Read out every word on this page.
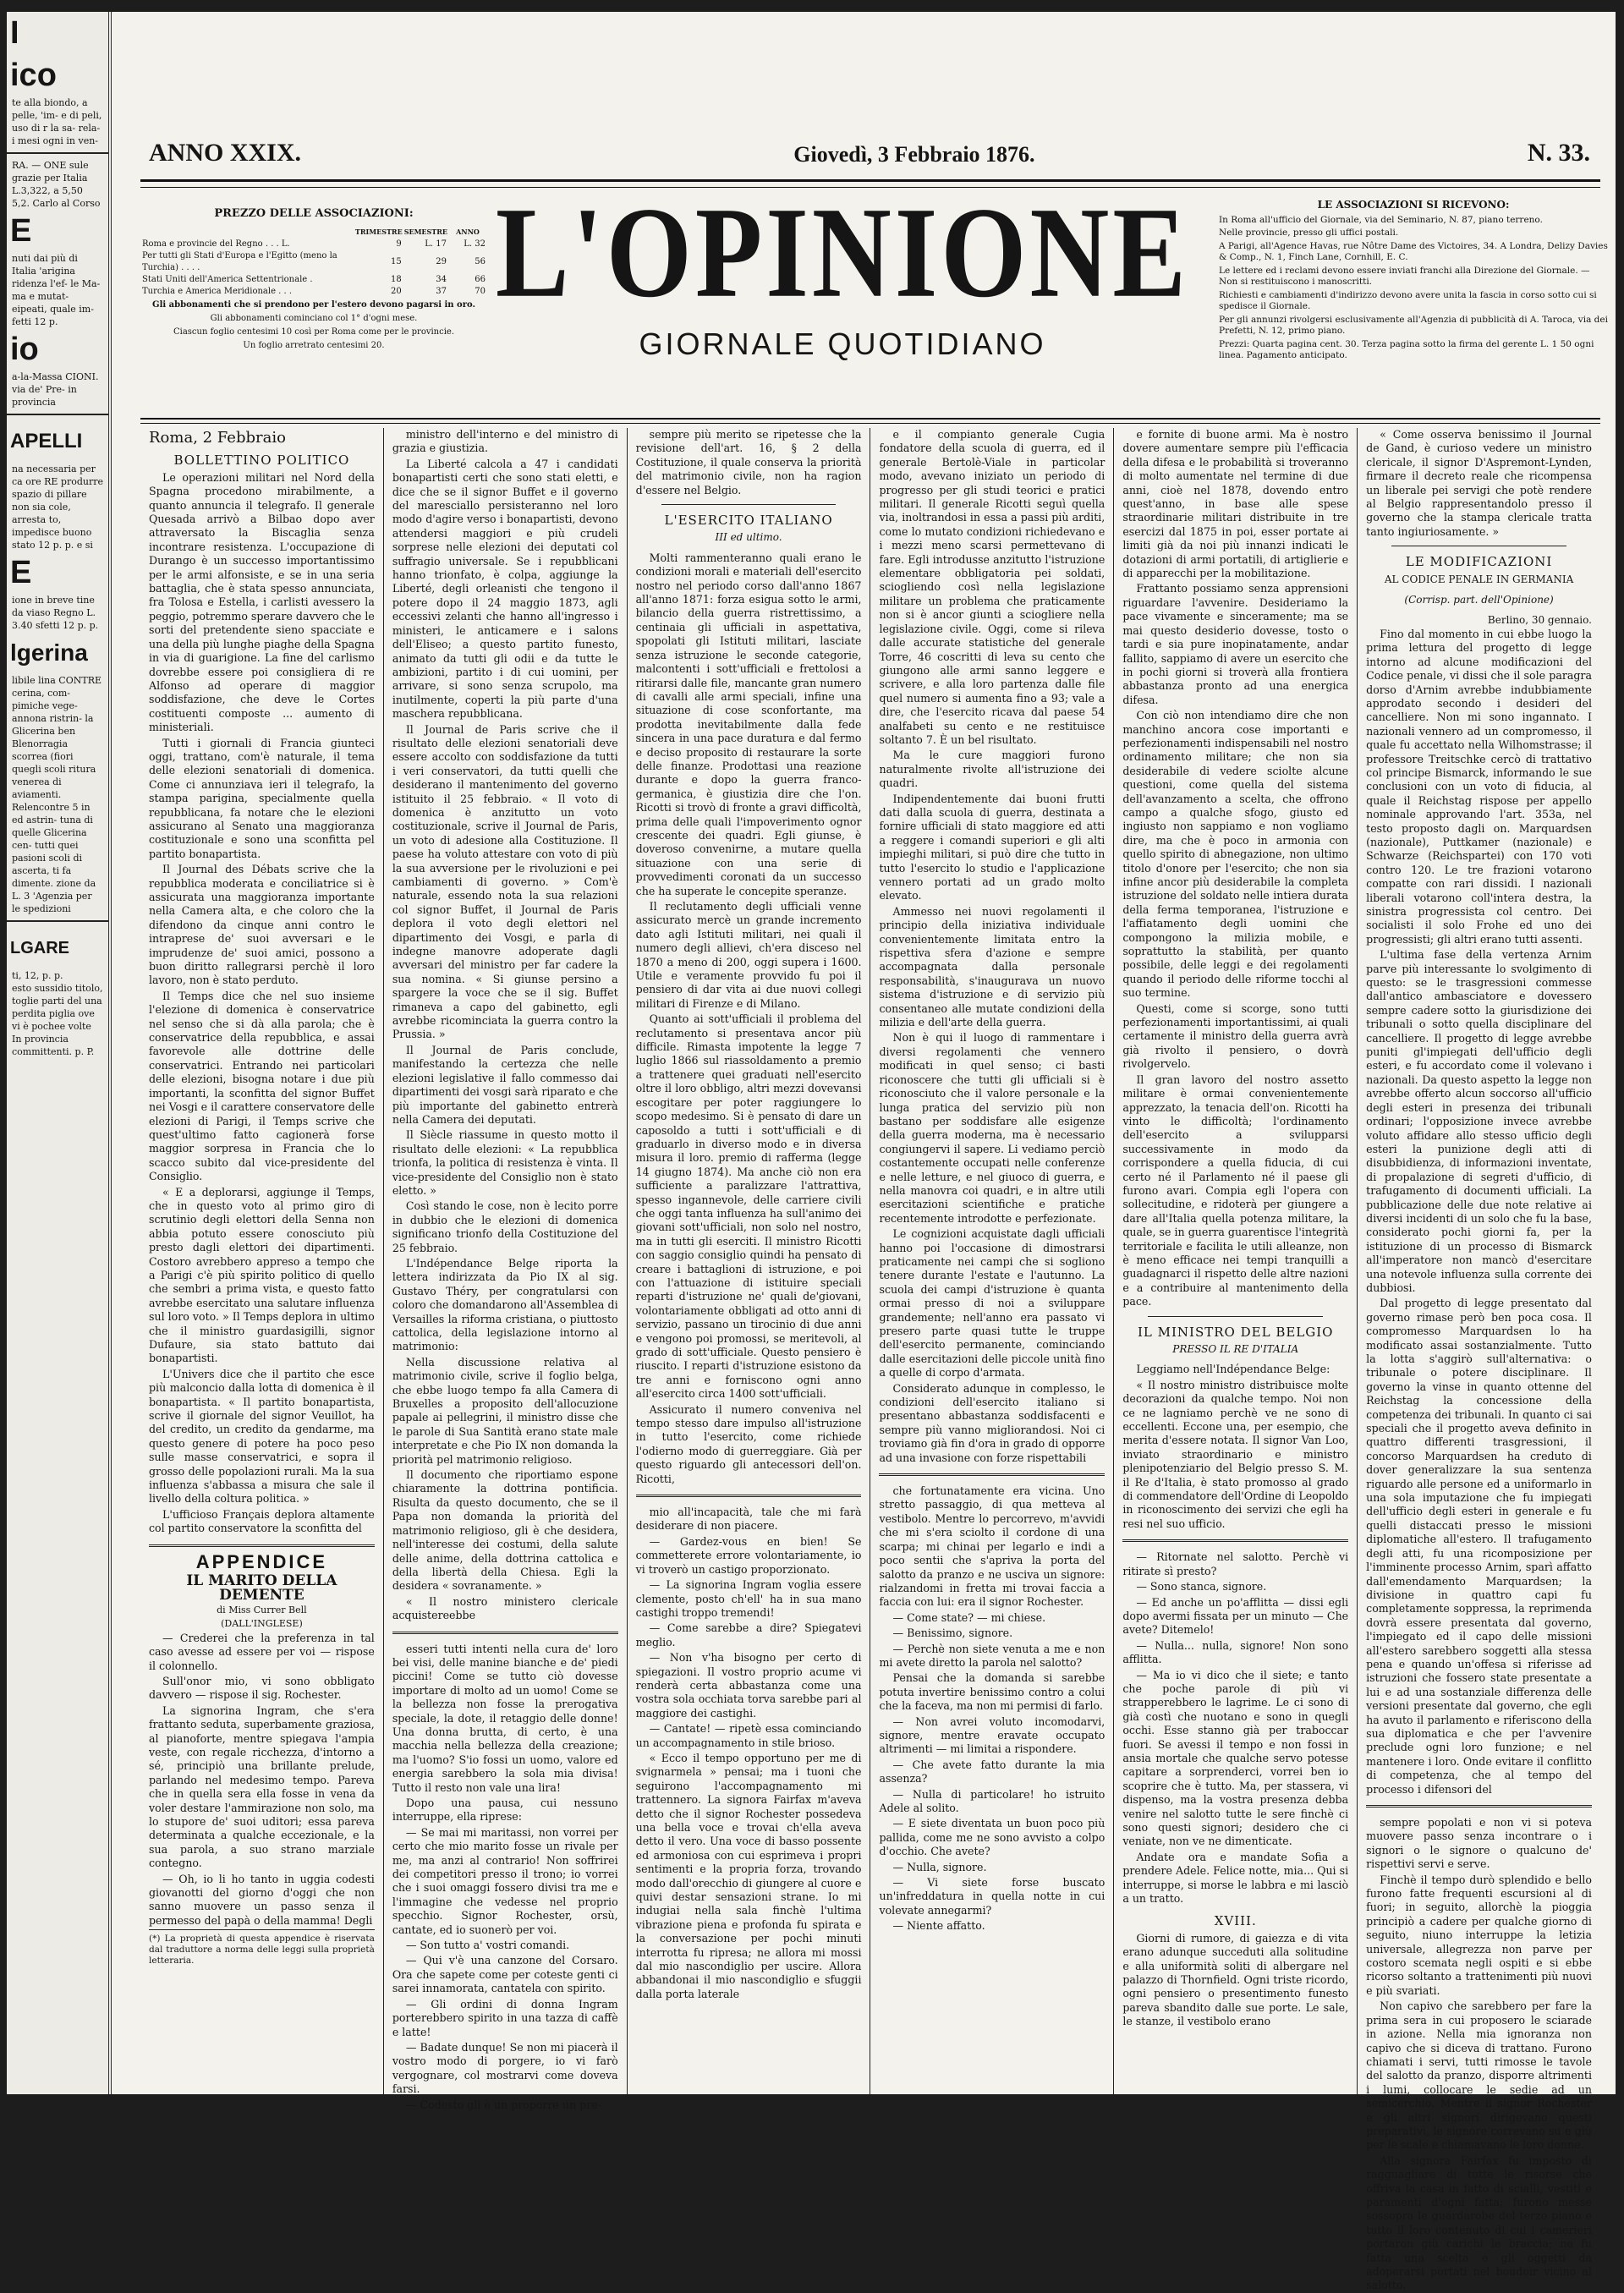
I
ico
te alla biondo, a pelle, 'im- e di peli, uso di r la sa- rela- i mesi ogni in ven-
RA. — ONE sule grazie per Italia L.3,322, a 5,50 5,2. Carlo al Corso
E
nuti dai più di Italia 'arigina ridenza l'ef- le Ma- ma e mutat- eipeati, quale im- fetti 12 p.
io
a-la-Massa CIONI. via de' Pre- in provincia
APELLI
na necessaria per ca ore RE produrre spazio di pillare non sia cole, arresta to, impedisce buono stato 12 p. p. e si
E
ione in breve tine da viaso Regno L. 3.40 sfetti 12 p. p.
lgerina
libile lina CONTRE cerina, com- pimiche vege- annona ristrin- la Glicerina ben Blenorragia scorrea (fiori quegli scoli ritura venerea di aviamenti. Relencontre 5 in ed astrin- tuna di quelle Glicerina cen- tutti quei pasioni scoli di ascerta, ti fa dimente. zione da L. 3 'Agenzia per le spedizioni
LGARE
ti, 12, p. p.
esto sussidio titolo, toglie parti del una perdita piglia ove vi è pochee volte In provincia committenti. p. P.
ANNO XXIX.	Giovedì, 3 Febbraio 1876.	N. 33.
PREZZO DELLE ASSOCIAZIONI:
	TRIMESTRE	SEMESTRE	ANNO
Roma e provincie del Regno . . . L.	9	L. 17	L. 32
Per tutti gli Stati d'Europa e l'Egitto (meno la Turchia) . . . .	15	29	56
Stati Uniti dell'America Settentrionale .	18	34	66
Turchia e America Meridionale . . .	20	37	70

Gli abbonamenti che si prendono per l'estero devono pagarsi in oro.

Gli abbonamenti cominciano col 1° d'ogni mese.

Ciascun foglio centesimi 10 così per Roma come per le provincie.

Un foglio arretrato centesimi 20.

L'OPINIONE
GIORNALE QUOTIDIANO
LE ASSOCIAZIONI SI RICEVONO:

In Roma all'ufficio del Giornale, via del Seminario, N. 87, piano terreno.

Nelle provincie, presso gli uffici postali.

A Parigi, all'Agence Havas, rue Nôtre Dame des Victoires, 34. A Londra, Delizy Davies & Comp., N. 1, Finch Lane, Cornhill, E. C.

Le lettere ed i reclami devono essere inviati franchi alla Direzione del Giornale. — Non si restituiscono i manoscritti.

Richiesti e cambiamenti d'indirizzo devono avere unita la fascia in corso sotto cui si spedisce il Giornale.

Per gli annunzi rivolgersi esclusivamente all'Agenzia di pubblicità di A. Taroca, via dei Prefetti, N. 12, primo piano.

Prezzi: Quarta pagina cent. 30. Terza pagina sotto la firma del gerente L. 1 50 ogni linea. Pagamento anticipato.

Roma, 2 Febbraio
BOLLETTINO POLITICO

Le operazioni militari nel Nord della Spagna procedono mirabilmente, a quanto annuncia il telegrafo. Il generale Quesada arrivò a Bilbao dopo aver attraversato la Biscaglia senza incontrare resistenza. L'occupazione di Durango è un successo importantissimo per le armi alfonsiste, e se in una seria battaglia, che è stata spesso annunciata, fra Tolosa e Estella, i carlisti avessero la peggio, potremmo sperare davvero che le sorti del pretendente sieno spacciate e una della più lunghe piaghe della Spagna in via di guarigione. La fine del carlismo dovrebbe essere poi consigliera di re Alfonso ad operare di maggior soddisfazione, che deve le Cortes costituenti composte ... aumento di ministeriali.

Tutti i giornali di Francia giunteci oggi, trattano, com'è naturale, il tema delle elezioni senatoriali di domenica. Come ci annunziava ieri il telegrafo, la stampa parigina, specialmente quella repubblicana, fa notare che le elezioni assicurano al Senato una maggioranza costituzionale e sono una sconfitta pel partito bonapartista.

Il Journal des Débats scrive che la repubblica moderata e conciliatrice si è assicurata una maggioranza importante nella Camera alta, e che coloro che la difendono da cinque anni contro le intraprese de' suoi avversari e le imprudenze de' suoi amici, possono a buon diritto rallegrarsi perchè il loro lavoro, non è stato perduto.

Il Temps dice che nel suo insieme l'elezione di domenica è conservatrice nel senso che si dà alla parola; che è conservatrice della repubblica, e assai favorevole alle dottrine delle conservatrici. Entrando nei particolari delle elezioni, bisogna notare i due più importanti, la sconfitta del signor Buffet nei Vosgi e il carattere conservatore delle elezioni di Parigi, il Temps scrive che quest'ultimo fatto cagionerà forse maggior sorpresa in Francia che lo scacco subito dal vice-presidente del Consiglio.

« E a deplorarsi, aggiunge il Temps, che in questo voto al primo giro di scrutinio degli elettori della Senna non abbia potuto essere conosciuto più presto dagli elettori dei dipartimenti. Costoro avrebbero appreso a tempo che a Parigi c'è più spirito politico di quello che sembri a prima vista, e questo fatto avrebbe esercitato una salutare influenza sul loro voto. » Il Temps deplora in ultimo che il ministro guardasigilli, signor Dufaure, sia stato battuto dai bonapartisti.

L'Univers dice che il partito che esce più malconcio dalla lotta di domenica è il bonapartista. « Il partito bonapartista, scrive il giornale del signor Veuillot, ha del credito, un credito da gendarme, ma questo genere di potere ha poco peso sulle masse conservatrici, e sopra il grosso delle popolazioni rurali. Ma la sua influenza s'abbassa a misura che sale il livello della coltura politica. »

L'ufficioso Français deplora altamente col partito conservatore la sconfitta del

APPENDICE
IL MARITO DELLA DEMENTE
di Miss Currer Bell
(DALL'INGLESE)

— Crederei che la preferenza in tal caso avesse ad essere per voi — rispose il colonnello.

Sull'onor mio, vi sono obbligato davvero — rispose il sig. Rochester.

La signorina Ingram, che s'era frattanto seduta, superbamente graziosa, al pianoforte, mentre spiegava l'ampia veste, con regale ricchezza, d'intorno a sé, principiò una brillante prelude, parlando nel medesimo tempo. Pareva che in quella sera ella fosse in vena da voler destare l'ammirazione non solo, ma lo stupore de' suoi uditori; essa pareva determinata a qualche eccezionale, e la sua parola, a suo strano marziale contegno.

— Oh, io li ho tanto in uggia codesti giovanotti del giorno d'oggi che non sanno muovere un passo senza il permesso del papà o della mamma! Degli

(*) La proprietà di questa appendice è riservata dal traduttore a norma delle leggi sulla proprietà letteraria.

ministro dell'interno e del ministro di grazia e giustizia.

La Liberté calcola a 47 i candidati bonapartisti certi che sono stati eletti, e dice che se il signor Buffet e il governo del maresciallo persisteranno nel loro modo d'agire verso i bonapartisti, devono attendersi maggiori e più crudeli sorprese nelle elezioni dei deputati col suffragio universale. Se i repubblicani hanno trionfato, è colpa, aggiunge la Liberté, degli orleanisti che tengono il potere dopo il 24 maggio 1873, agli eccessivi zelanti che hanno all'ingresso i ministeri, le anticamere e i salons dell'Eliseo; a questo partito funesto, animato da tutti gli odii e da tutte le ambizioni, partito i di cui uomini, per arrivare, si sono senza scrupolo, ma inutilmente, coperti la più parte d'una maschera repubblicana.

Il Journal de Paris scrive che il risultato delle elezioni senatoriali deve essere accolto con soddisfazione da tutti i veri conservatori, da tutti quelli che desiderano il mantenimento del governo istituito il 25 febbraio. « Il voto di domenica è anzitutto un voto costituzionale, scrive il Journal de Paris, un voto di adesione alla Costituzione. Il paese ha voluto attestare con voto di più la sua avversione per le rivoluzioni e pei cambiamenti di governo. » Com'è naturale, essendo nota la sua relazioni col signor Buffet, il Journal de Paris deplora il voto degli elettori nel dipartimento dei Vosgi, e parla di indegne manovre adoperate dagli avversari del ministro per far cadere la sua nomina. « Si giunse persino a spargere la voce che se il sig. Buffet rimaneva a capo del gabinetto, egli avrebbe ricominciata la guerra contro la Prussia. »

Il Journal de Paris conclude, manifestando la certezza che nelle elezioni legislative il fallo commesso dai dipartimenti dei vosgi sarà riparato e che più importante del gabinetto entrerà nella Camera dei deputati.

Il Siècle riassume in questo motto il risultato delle elezioni: « La repubblica trionfa, la politica di resistenza è vinta. Il vice-presidente del Consiglio non è stato eletto. »

Così stando le cose, non è lecito porre in dubbio che le elezioni di domenica significano trionfo della Costituzione del 25 febbraio.

L'Indépendance Belge riporta la lettera indirizzata da Pio IX al sig. Gustavo Théry, per congratularsi con coloro che domandarono all'Assemblea di Versailles la riforma cristiana, o piuttosto cattolica, della legislazione intorno al matrimonio:

Nella discussione relativa al matrimonio civile, scrive il foglio belga, che ebbe luogo tempo fa alla Camera di Bruxelles a proposito dell'allocuzione papale ai pellegrini, il ministro disse che le parole di Sua Santità erano state male interpretate e che Pio IX non domanda la priorità pel matrimonio religioso.

Il documento che riportiamo espone chiaramente la dottrina pontificia. Risulta da questo documento, che se il Papa non domanda la priorità del matrimonio religioso, gli è che desidera, nell'interesse dei costumi, della salute delle anime, della dottrina cattolica e della libertà della Chiesa. Egli la desidera « sovranamente. »

« Il nostro ministero clericale acquistereebbe

esseri tutti intenti nella cura de' loro bei visi, delle manine bianche e de' piedi piccini! Come se tutto ciò dovesse importare di molto ad un uomo! Come se la bellezza non fosse la prerogativa speciale, la dote, il retaggio delle donne! Una donna brutta, di certo, è una macchia nella bellezza della creazione; ma l'uomo? S'io fossi un uomo, valore ed energia sarebbero la sola mia divisa! Tutto il resto non vale una lira!

Dopo una pausa, cui nessuno interruppe, ella riprese:

— Se mai mi maritassi, non vorrei per certo che mio marito fosse un rivale per me, ma anzi al contrario! Non soffrirei dei competitori presso il trono; io vorrei che i suoi omaggi fossero divisi tra me e l'immagine che vedesse nel proprio specchio. Signor Rochester, orsù, cantate, ed io suonerò per voi.

— Son tutto a' vostri comandi.

— Qui v'è una canzone del Corsaro. Ora che sapete come per coteste genti ci sarei innamorata, cantatela con spirito.

— Gli ordini di donna Ingram porterebbero spirito in una tazza di caffè e latte!

— Badate dunque! Se non mi piacerà il vostro modo di porgere, io vi farò vergognare, col mostrarvi come doveva farsi.

— Codesto gli è un proporre un pre-

sempre più merito se ripetesse che la revisione dell'art. 16, § 2 della Costituzione, il quale conserva la priorità del matrimonio civile, non ha ragion d'essere nel Belgio.

L'ESERCITO ITALIANO
III ed ultimo.

Molti rammenteranno quali erano le condizioni morali e materiali dell'esercito nostro nel periodo corso dall'anno 1867 all'anno 1871: forza esigua sotto le armi, bilancio della guerra ristrettissimo, a centinaia gli ufficiali in aspettativa, spopolati gli Istituti militari, lasciate senza istruzione le seconde categorie, malcontenti i sott'ufficiali e frettolosi a ritirarsi dalle file, mancante gran numero di cavalli alle armi speciali, infine una situazione di cose sconfortante, ma prodotta inevitabilmente dalla fede sincera in una pace duratura e dal fermo e deciso proposito di restaurare la sorte delle finanze. Prodottasi una reazione durante e dopo la guerra franco-germanica, è giustizia dire che l'on. Ricotti si trovò di fronte a gravi difficoltà, prima delle quali l'impoverimento ognor crescente dei quadri. Egli giunse, è doveroso convenirne, a mutare quella situazione con una serie di provvedimenti coronati da un successo che ha superate le concepite speranze.

Il reclutamento degli ufficiali venne assicurato mercè un grande incremento dato agli Istituti militari, nei quali il numero degli allievi, ch'era disceso nel 1870 a meno di 200, oggi supera i 1600. Utile e veramente provvido fu poi il pensiero di dar vita ai due nuovi collegi militari di Firenze e di Milano.

Quanto ai sott'ufficiali il problema del reclutamento si presentava ancor più difficile. Rimasta impotente la legge 7 luglio 1866 sul riassoldamento a premio a trattenere quei graduati nell'esercito oltre il loro obbligo, altri mezzi dovevansi escogitare per poter raggiungere lo scopo medesimo. Si è pensato di dare un caposoldo a tutti i sott'ufficiali e di graduarlo in diverso modo e in diversa misura il loro. premio di rafferma (legge 14 giugno 1874). Ma anche ciò non era sufficiente a paralizzare l'attrattiva, spesso ingannevole, delle carriere civili che oggi tanta influenza ha sull'animo dei giovani sott'ufficiali, non solo nel nostro, ma in tutti gli eserciti. Il ministro Ricotti con saggio consiglio quindi ha pensato di creare i battaglioni di istruzione, e poi con l'attuazione di istituire speciali reparti d'istruzione ne' quali de'giovani, volontariamente obbligati ad otto anni di servizio, passano un tirocinio di due anni e vengono poi promossi, se meritevoli, al grado di sott'ufficiale. Questo pensiero è riuscito. I reparti d'istruzione esistono da tre anni e forniscono ogni anno all'esercito circa 1400 sott'ufficiali.

Assicurato il numero conveniva nel tempo stesso dare impulso all'istruzione in tutto l'esercito, come richiede l'odierno modo di guerreggiare. Già per questo riguardo gli antecessori dell'on. Ricotti,

mio all'incapacità, tale che mi farà desiderare di non piacere.

— Gardez-vous en bien! Se commetterete errore volontariamente, io vi troverò un castigo proporzionato.

— La signorina Ingram voglia essere clemente, posto ch'ell' ha in sua mano castighi troppo tremendi!

— Come sarebbe a dire? Spiegatevi meglio.

— Non v'ha bisogno per certo di spiegazioni. Il vostro proprio acume vi renderà certa abbastanza come una vostra sola occhiata torva sarebbe pari al maggiore dei castighi.

— Cantate! — ripetè essa cominciando un accompagnamento in stile brioso.

« Ecco il tempo opportuno per me di svignarmela » pensai; ma i tuoni che seguirono l'accompagnamento mi trattennero. La signora Fairfax m'aveva detto che il signor Rochester possedeva una bella voce e trovai ch'ella aveva detto il vero. Una voce di basso possente ed armoniosa con cui esprimeva i propri sentimenti e la propria forza, trovando modo dall'orecchio di giungere al cuore e quivi destar sensazioni strane. Io mi indugiai nella sala finchè l'ultima vibrazione piena e profonda fu spirata e la conversazione per pochi minuti interrotta fu ripresa; ne allora mi mossi dal mio nascondiglio per uscire. Allora abbandonai il mio nascondiglio e sfuggii dalla porta laterale

e il compianto generale Cugia fondatore della scuola di guerra, ed il generale Bertolè-Viale in particolar modo, avevano iniziato un periodo di progresso per gli studi teorici e pratici militari. Il generale Ricotti seguì quella via, inoltrandosi in essa a passi più arditi, come lo mutato condizioni richiedevano e i mezzi meno scarsi permettevano di fare. Egli introdusse anzitutto l'istruzione elementare obbligatoria pei soldati, sciogliendo così nella legislazione militare un problema che praticamente non si è ancor giunti a sciogliere nella legislazione civile. Oggi, come si rileva dalle accurate statistiche del generale Torre, 46 coscritti di leva su cento che giungono alle armi sanno leggere e scrivere, e alla loro partenza dalle file quel numero si aumenta fino a 93; vale a dire, che l'esercito ricava dal paese 54 analfabeti su cento e ne restituisce soltanto 7. È un bel risultato.

Ma le cure maggiori furono naturalmente rivolte all'istruzione dei quadri.

Indipendentemente dai buoni frutti dati dalla scuola di guerra, destinata a fornire ufficiali di stato maggiore ed atti a reggere i comandi superiori e gli alti impieghi militari, si può dire che tutto in tutto l'esercito lo studio e l'applicazione vennero portati ad un grado molto elevato.

Ammesso nei nuovi regolamenti il principio della iniziativa individuale convenientemente limitata entro la rispettiva sfera d'azione e sempre accompagnata dalla personale responsabilità, s'inaugurava un nuovo sistema d'istruzione e di servizio più consentaneo alle mutate condizioni della milizia e dell'arte della guerra.

Non è qui il luogo di rammentare i diversi regolamenti che vennero modificati in quel senso; ci basti riconoscere che tutti gli ufficiali si è riconosciuto che il valore personale e la lunga pratica del servizio più non bastano per soddisfare alle esigenze della guerra moderna, ma è necessario congiungervi il sapere. Li vediamo perciò costantemente occupati nelle conferenze e nelle letture, e nel giuoco di guerra, e nella manovra coi quadri, e in altre utili esercitazioni scientifiche e pratiche recentemente introdotte e perfezionate.

Le cognizioni acquistate dagli ufficiali hanno poi l'occasione di dimostrarsi praticamente nei campi che si sogliono tenere durante l'estate e l'autunno. La scuola dei campi d'istruzione è quanta ormai presso di noi a sviluppare grandemente; nell'anno era passato vi presero parte quasi tutte le truppe dell'esercito permanente, cominciando dalle esercitazioni delle piccole unità fino a quelle di corpo d'armata.

Considerato adunque in complesso, le condizioni dell'esercito italiano si presentano abbastanza soddisfacenti e sempre più vanno migliorandosi. Noi ci troviamo già fin d'ora in grado di opporre ad una invasione con forze rispettabili

che fortunatamente era vicina. Uno stretto passaggio, di qua metteva al vestibolo. Mentre lo percorrevo, m'avvidi che mi s'era sciolto il cordone di una scarpa; mi chinai per legarlo e indi a poco sentii che s'apriva la porta del salotto da pranzo e ne usciva un signore: rialzandomi in fretta mi trovai faccia a faccia con lui: era il signor Rochester.

— Come state? — mi chiese.

— Benissimo, signore.

— Perchè non siete venuta a me e non mi avete diretto la parola nel salotto?

Pensai che la domanda si sarebbe potuta invertire benissimo contro a colui che la faceva, ma non mi permisi di farlo.

— Non avrei voluto incomodarvi, signore, mentre eravate occupato altrimenti — mi limitai a rispondere.

— Che avete fatto durante la mia assenza?

— Nulla di particolare! ho istruito Adele al solito.

— E siete diventata un buon poco più pallida, come me ne sono avvisto a colpo d'occhio. Che avete?

— Nulla, signore.

— Vi siete forse buscato un'infreddatura in quella notte in cui volevate annegarmi?

— Niente affatto.

e fornite di buone armi. Ma è nostro dovere aumentare sempre più l'efficacia della difesa e le probabilità si troveranno di molto aumentate nel termine di due anni, cioè nel 1878, dovendo entro quest'anno, in base alle spese straordinarie militari distribuite in tre esercizi dal 1875 in poi, esser portate ai limiti già da noi più innanzi indicati le dotazioni di armi portatili, di artiglierie e di apparecchi per la mobilitazione.

Frattanto possiamo senza apprensioni riguardare l'avvenire. Desideriamo la pace vivamente e sinceramente; ma se mai questo desiderio dovesse, tosto o tardi e sia pure inopinatamente, andar fallito, sappiamo di avere un esercito che in pochi giorni si troverà alla frontiera abbastanza pronto ad una energica difesa.

Con ciò non intendiamo dire che non manchino ancora cose importanti e perfezionamenti indispensabili nel nostro ordinamento militare; che non sia desiderabile di vedere sciolte alcune questioni, come quella del sistema dell'avanzamento a scelta, che offrono campo a qualche sfogo, giusto ed ingiusto non sappiamo e non vogliamo dire, ma che è poco in armonia con quello spirito di abnegazione, non ultimo titolo d'onore per l'esercito; che non sia infine ancor più desiderabile la completa istruzione del soldato nelle intiera durata della ferma temporanea, l'istruzione e l'affiatamento degli uomini che compongono la milizia mobile, e soprattutto la stabilità, per quanto possibile, delle leggi e dei regolamenti quando il periodo delle riforme tocchi al suo termine.

Questi, come si scorge, sono tutti perfezionamenti importantissimi, ai quali certamente il ministro della guerra avrà già rivolto il pensiero, o dovrà rivolgervelo.

Il gran lavoro del nostro assetto militare è ormai convenientemente apprezzato, la tenacia dell'on. Ricotti ha vinto le difficoltà; l'ordinamento dell'esercito a svilupparsi successivamente in modo da corrispondere a quella fiducia, di cui certo né il Parlamento né il paese gli furono avari. Compia egli l'opera con sollecitudine, e ridoterà per giungere a dare all'Italia quella potenza militare, la quale, se in guerra guarentisce l'integrità territoriale e facilita le utili alleanze, non è meno efficace nei tempi tranquilli a guadagnarci il rispetto delle altre nazioni e a contribuire al mantenimento della pace.

IL MINISTRO DEL BELGIO
PRESSO IL RE D'ITALIA

Leggiamo nell'Indépendance Belge:

« Il nostro ministro distribuisce molte decorazioni da qualche tempo. Noi non ce ne lagniamo perchè ve ne sono di eccellenti. Eccone una, per esempio, che merita d'essere notata. Il signor Van Loo, inviato straordinario e ministro plenipotenziario del Belgio presso S. M. il Re d'Italia, è stato promosso al grado di commendatore dell'Ordine di Leopoldo in riconoscimento dei servizi che egli ha resi nel suo ufficio.

— Ritornate nel salotto. Perchè vi ritirate sì presto?

— Sono stanca, signore.

— Ed anche un po'afflitta — dissi egli dopo avermi fissata per un minuto — Che avete? Ditemelo!

— Nulla... nulla, signore! Non sono afflitta.

— Ma io vi dico che il siete; e tanto che poche parole di più vi strapperebbero le lagrime. Le ci sono di già costì che nuotano e sono in quegli occhi. Esse stanno già per traboccar fuori. Se avessi il tempo e non fossi in ansia mortale che qualche servo potesse capitare a sorprenderci, vorrei ben io scoprire che è tutto. Ma, per stassera, vi dispenso, ma la vostra presenza debba venire nel salotto tutte le sere finchè ci sono questi signori; desidero che ci veniate, non ve ne dimenticate.

Andate ora e mandate Sofia a prendere Adele. Felice notte, mia... Qui si interruppe, si morse le labbra e mi lasciò a un tratto.

XVIII.

Giorni di rumore, di gaiezza e di vita erano adunque succeduti alla solitudine e alla uniformità soliti di albergare nel palazzo di Thornfield. Ogni triste ricordo, ogni pensiero o presentimento funesto pareva sbandito dalle sue porte. Le sale, le stanze, il vestibolo erano

« Come osserva benissimo il Journal de Gand, è curioso vedere un ministro clericale, il signor D'Aspremont-Lynden, firmare il decreto reale che ricompensa un liberale pei servigi che potè rendere al Belgio rappresentandolo presso il governo che la stampa clericale tratta tanto ingiuriosamente. »

LE MODIFICAZIONI
AL CODICE PENALE IN GERMANIA
(Corrisp. part. dell'Opinione)
Berlino, 30 gennaio.

Fino dal momento in cui ebbe luogo la prima lettura del progetto di legge intorno ad alcune modificazioni del Codice penale, vi dissi che il sole paragra dorso d'Arnim avrebbe indubbiamente approdato secondo i desideri del cancelliere. Non mi sono ingannato. I nazionali vennero ad un compromesso, il quale fu accettato nella Wilhomstrasse; il professore Treitschke cercò di trattativo col principe Bismarck, informando le sue conclusioni con un voto di fiducia, al quale il Reichstag rispose per appello nominale approvando l'art. 353a, nel testo proposto dagli on. Marquardsen (nazionale), Puttkamer (nazionale) e Schwarze (Reichspartei) con 170 voti contro 120. Le tre frazioni votarono compatte con rari dissidi. I nazionali liberali votarono coll'intera destra, la sinistra progressista col centro. Dei socialisti il solo Frohe ed uno dei progressisti; gli altri erano tutti assenti.

L'ultima fase della vertenza Arnim parve più interessante lo svolgimento di questo: se le trasgressioni commesse dall'antico ambasciatore e dovessero sempre cadere sotto la giurisdizione dei tribunali o sotto quella disciplinare del cancelliere. Il progetto di legge avrebbe puniti gl'impiegati dell'ufficio degli esteri, e fu accordato come il volevano i nazionali. Da questo aspetto la legge non avrebbe offerto alcun soccorso all'ufficio degli esteri in presenza dei tribunali ordinari; l'opposizione invece avrebbe voluto affidare allo stesso ufficio degli esteri la punizione degli atti di disubbidienza, di informazioni inventate, di propalazione di segreti d'ufficio, di trafugamento di documenti ufficiali. La pubblicazione delle due note relative ai diversi incidenti di un solo che fu la base, considerato pochi giorni fa, per la istituzione di un processo di Bismarck all'imperatore non mancò d'esercitare una notevole influenza sulla corrente dei dubbiosi.

Dal progetto di legge presentato dal governo rimase però ben poca cosa. Il compromesso Marquardsen lo ha modificato assai sostanzialmente. Tutto la lotta s'aggirò sull'alternativa: o tribunale o potere disciplinare. Il governo la vinse in quanto ottenne del Reichstag la concessione della competenza dei tribunali. In quanto ci sai speciali che il progetto aveva definito in quattro differenti trasgressioni, il concorso Marquardsen ha creduto di dover generalizzare la sua sentenza riguardo alle persone ed a uniformarlo in una sola imputazione che fu impiegati dell'ufficio degli esteri in generale e fu quelli distaccati presso le missioni diplomatiche all'estero. Il trafugamento degli atti, fu una ricomposizione per l'imminente processo Arnim, sparì affatto dall'emendamento Marquardsen; la divisione in quattro capi fu completamente soppressa, la reprimenda dovrà essere presentata dal governo, l'impiegato ed il capo delle missioni all'estero sarebbero soggetti alla stessa pena e quando un'offesa si riferisse ad istruzioni che fossero state presentate a lui e ad una sostanziale differenza delle versioni presentate dal governo, che egli ha avuto il parlamento e riferiscono della sua diplomatica e che per l'avvenire preclude ogni loro funzione; e nel mantenere i loro. Onde evitare il conflitto di competenza, che al tempo del processo i difensori del

sempre popolati e non vi si poteva muovere passo senza incontrare o i signori o le signore o qualcuno de' rispettivi servi e serve.

Finchè il tempo durò splendido e bello furono fatte frequenti escursioni al di fuori; in seguito, allorchè la pioggia principiò a cadere per qualche giorno di seguito, niuno interruppe la letizia universale, allegrezza non parve per costoro scemata negli ospiti e si ebbe ricorso soltanto a trattenimenti più nuovi e più svariati.

Non capivo che sarebbero per fare la prima sera in cui proposero le sciarade in azione. Nella mia ignoranza non capivo che si diceva di trattano. Furono chiamati i servi, tutti rimosse le tavole del salotto da pranzo, disporre altrimenti i lumi, collocare le sedie ad un semicerchio. Mentre il signor Rochester e gli altri signori dirigevano questi preparativi, le signore correvano su e giù per le scale e chiamavano le loro donne.

Alla signora Fairfax fu imposto di ragguagliare di tutte le risorse che offriva la casa in fatto di scialli, vestiti e paramenti d'ogni fatta; furono messe sossopra le guardarobe del terzo piano e tutto il loro contenuto di cui i camerieri portaron giù carichi le braccia; ne fu fatta una scelta e gli oggetti da adoperarsi portati nel boudoir vicino al salotto.
